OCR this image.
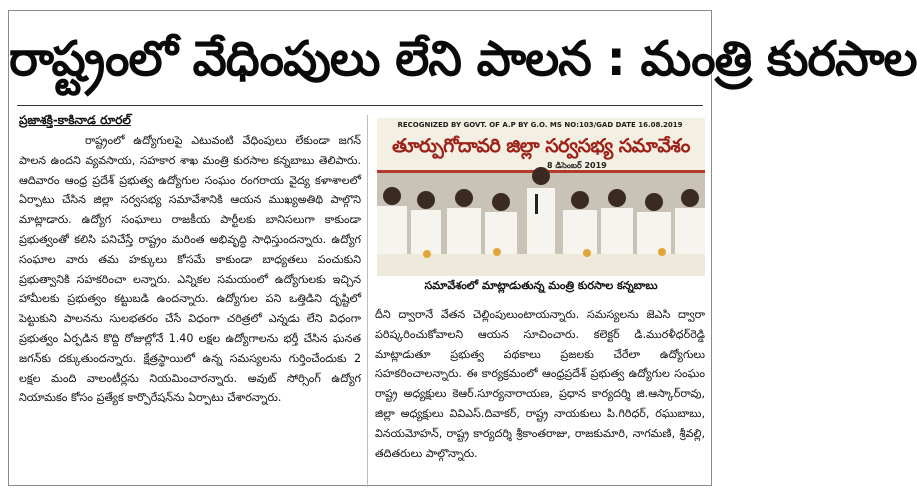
రాష్ట్రంలో వేధింపులు లేని పాలన : మంత్రి కురసాల
ప్రజాశక్తి-కాకినాడ రూరల్

రాష్ట్రంలో ఉద్యోగులపై ఎటువంటి వేధింపులు లేకుండా జగన్ పాలన ఉందని వ్యవసాయ, సహకార శాఖ మంత్రి కురసాల కన్నబాబు తెలిపారు. ఆదివారం ఆంధ్ర ప్రదేశ్ ప్రభుత్వ ఉద్యోగుల సంఘం రంగరాయ వైద్య కళాశాలలో ఏర్పాటు చేసిన జిల్లా సర్వసభ్య సమావేశానికి ఆయన ముఖ్యఅతిథి పాల్గొని మాట్లాడారు. ఉద్యోగ సంఘాలు రాజకీయ పార్టీలకు బానిసలుగా కాకుండా ప్రభుత్వంతో కలిసి పనిచేస్తే రాష్ట్రం మరింత అభివృద్ధి సాధిస్తుందన్నారు. ఉద్యోగ సంఘాల వారు తమ హక్కులు కోసమే కాకుండా బాధ్యతలు పంచుకుని ప్రభుత్వానికి సహకరించా లన్నారు. ఎన్నికల సమయంలో ఉద్యోగులకు ఇచ్చిన హామీలకు ప్రభుత్వం కట్టుబడి ఉందన్నారు. ఉద్యోగుల పని ఒత్తిడిని దృష్టిలో పెట్టుకుని పాలనను సులభతరం చేసే విధంగా చరిత్రలో ఎన్నడు లేని విధంగా ప్రభుత్వం ఏర్పడిన కొద్ది రోజుల్లోనే 1.40 లక్షల ఉద్యోగాలను భర్తీ చేసిన ఘనత జగన్‌కు దక్కుతుందన్నారు. క్షేత్రస్థాయిలో ఉన్న సమస్యలను గుర్తించేందుకు 2 లక్షల మంది వాలంటీర్లను నియమించారన్నారు. అవుట్ సోర్సింగ్ ఉద్యోగ నియామకం కోసం ప్రత్యేక కార్పొరేషన్‌ను ఏర్పాటు చేశారన్నారు.

RECOGNIZED BY GOVT. OF A.P BY G.O. MS NO:103/GAD DATE 16.08.2019
తూర్పుగోదావరి జిల్లా సర్వసభ్య సమావేశం
8 డిసెంబర్ 2019
సమావేశంలో మాట్లాడుతున్న మంత్రి కురసాల కన్నబాబు

దీని ద్వారానే వేతన చెల్లింపులుంటాయన్నారు. సమస్యలను జెఎసి ద్వారా పరిష్కరించుకోవాలని ఆయన సూచించారు. కలెక్టర్ డి.మురళీధర్‌రెడ్డి మాట్లాడుతూ ప్రభుత్వ పథకాలు ప్రజలకు చేరేలా ఉద్యోగులు సహకరించాలన్నారు. ఈ కార్యక్రమంలో ఆంధ్రప్రదేశ్ ప్రభుత్వ ఉద్యోగుల సంఘం రాష్ట్ర అధ్యక్షులు కెఆర్.సూర్యనారాయణ, ప్రధాన కార్యదర్శి జి.ఆస్కార్‌రావు, జిల్లా అధ్యక్షులు వివిఎస్.దివాకర్, రాష్ట్ర నాయకులు పి.గిరిధర్, రఘుబాబు, వినయమోహన్, రాష్ట్ర కార్యదర్శి శ్రీకాంతరాజు, రాజకుమారి, నాగమణి, శ్రీవల్లి, తదితరులు పాల్గొన్నారు.
